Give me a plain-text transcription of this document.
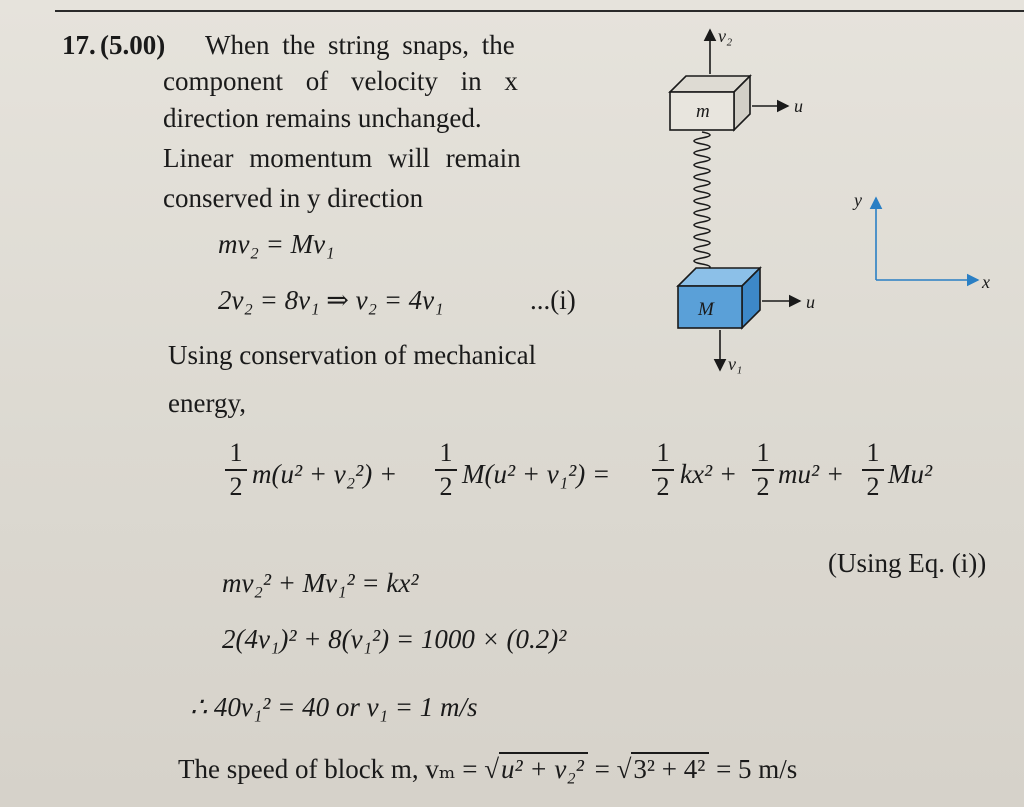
17. (5.00) When the string snaps, the
component of velocity in x
direction remains unchanged.
Linear momentum will remain
conserved in y direction
mv₂ = Mv₁
2v₂ = 8v₁ ⇒ v₂ = 4v₁	...(i)
Using conservation of mechanical
energy,
1
2 m(u² + v₂²) +
1
2 M(u² + v₁²) =
1
2 kx² +
1
2 mu² +
1
2 Mu²
(Using Eq. (i))
mv₂² + Mv₁² = kx²
2(4v₁)² + 8(v₁²) = 1000 × (0.2)²
∴ 40v₁² = 40 or v₁ = 1 m/s
The speed of block m, vₘ = √u² + v₂² = √3² + 4² = 5 m/s
v₂
m	u
M	u
v₁
y
x
